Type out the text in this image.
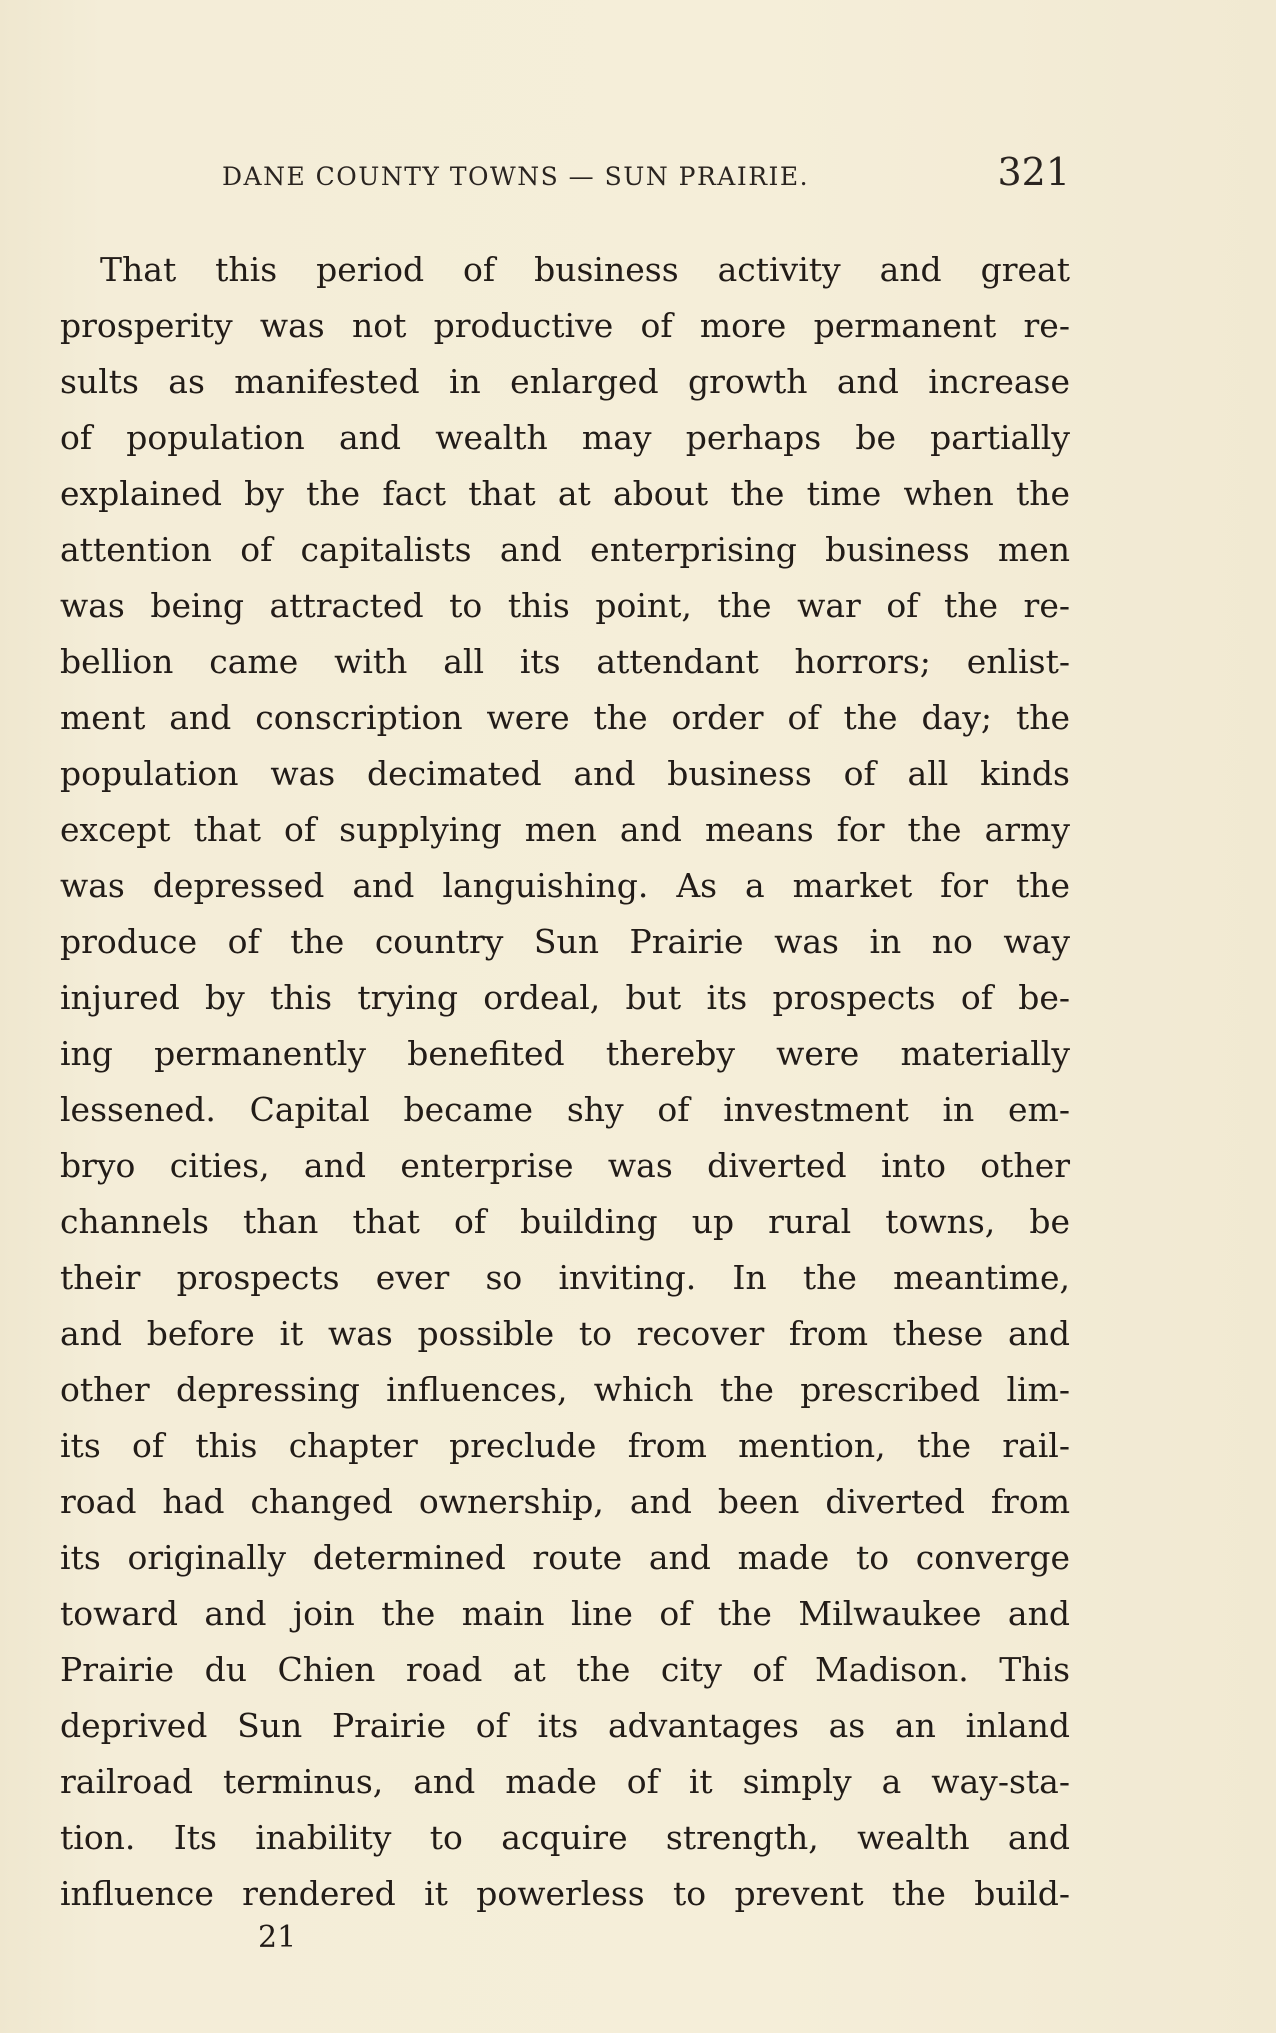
DANE COUNTY TOWNS — SUN PRAIRIE.	321
That this period of business activity and great
prosperity was not productive of more permanent re-
sults as manifested in enlarged growth and increase
of population and wealth may perhaps be partially
explained by the fact that at about the time when the
attention of capitalists and enterprising business men
was being attracted to this point, the war of the re-
bellion came with all its attendant horrors; enlist-
ment and conscription were the order of the day; the
population was decimated and business of all kinds
except that of supplying men and means for the army
was depressed and languishing. As a market for the
produce of the country Sun Prairie was in no way
injured by this trying ordeal, but its prospects of be-
ing permanently benefited thereby were materially
lessened. Capital became shy of investment in em-
bryo cities, and enterprise was diverted into other
channels than that of building up rural towns, be
their prospects ever so inviting. In the meantime,
and before it was possible to recover from these and
other depressing influences, which the prescribed lim-
its of this chapter preclude from mention, the rail-
road had changed ownership, and been diverted from
its originally determined route and made to converge
toward and join the main line of the Milwaukee and
Prairie du Chien road at the city of Madison. This
deprived Sun Prairie of its advantages as an inland
railroad terminus, and made of it simply a way-sta-
tion. Its inability to acquire strength, wealth and
influence rendered it powerless to prevent the build-
21
